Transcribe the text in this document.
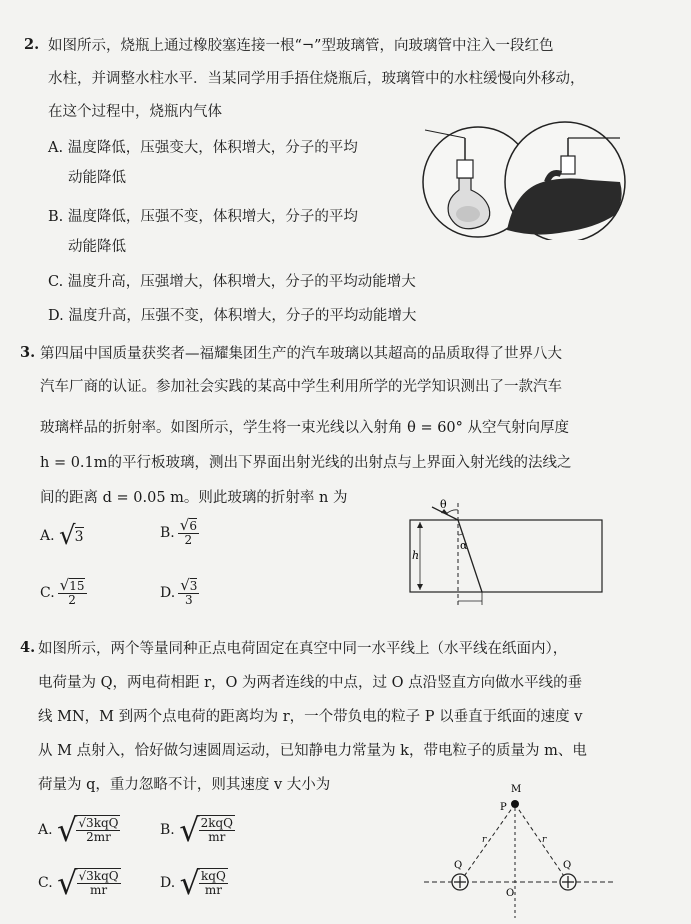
2. 如图所示，烧瓶上通过橡胶塞连接一根“¬”型玻璃管，向玻璃管中注入一段红色
水柱，并调整水柱水平．当某同学用手捂住烧瓶后，玻璃管中的水柱缓慢向外移动，
在这个过程中，烧瓶内气体
A. 温度降低，压强变大，体积增大，分子的平均
动能降低
B. 温度降低，压强不变，体积增大，分子的平均
动能降低
C. 温度升高，压强增大，体积增大，分子的平均动能增大
D. 温度升高，压强不变，体积增大，分子的平均动能增大
3. 第四届中国质量获奖者—福耀集团生产的汽车玻璃以其超高的品质取得了世界八大
汽车厂商的认证。参加社会实践的某高中学生利用所学的光学知识测出了一款汽车
玻璃样品的折射率。如图所示，学生将一束光线以入射角 θ = 60° 从空气射向厚度
h = 0.1m的平行板玻璃，测出下界面出射光线的出射点与上界面入射光线的法线之
间的距离 d = 0.05 m。则此玻璃的折射率 n 为
A.
√ 3	B. $\frac{√ 6}{2}$
C. $\frac{√ 15}{2}$	D. $\frac{√ 3}{3}$
θ
α
h
4. 如图所示，两个等量同种正点电荷固定在真空中同一水平线上（水平线在纸面内），
电荷量为 Q，两电荷相距 r，O 为两者连线的中点，过 O 点沿竖直方向做水平线的垂
线 MN，M 到两个点电荷的距离均为 r，一个带负电的粒子 P 以垂直于纸面的速度 v
从 M 点射入，恰好做匀速圆周运动，已知静电力常量为 k，带电粒子的质量为 m、电
荷量为 q，重力忽略不计，则其速度 v 大小为
A.
√ $\frac{\text{√3kqQ}}{2mr}$	B.
√ $\frac{\text{2kqQ}}{mr}$
C.
√ $\frac{\text{√3kqQ}}{mr}$	D.
√ $\frac{\text{kqQ}}{mr}$
M
P
Q	Q
O
r	r
